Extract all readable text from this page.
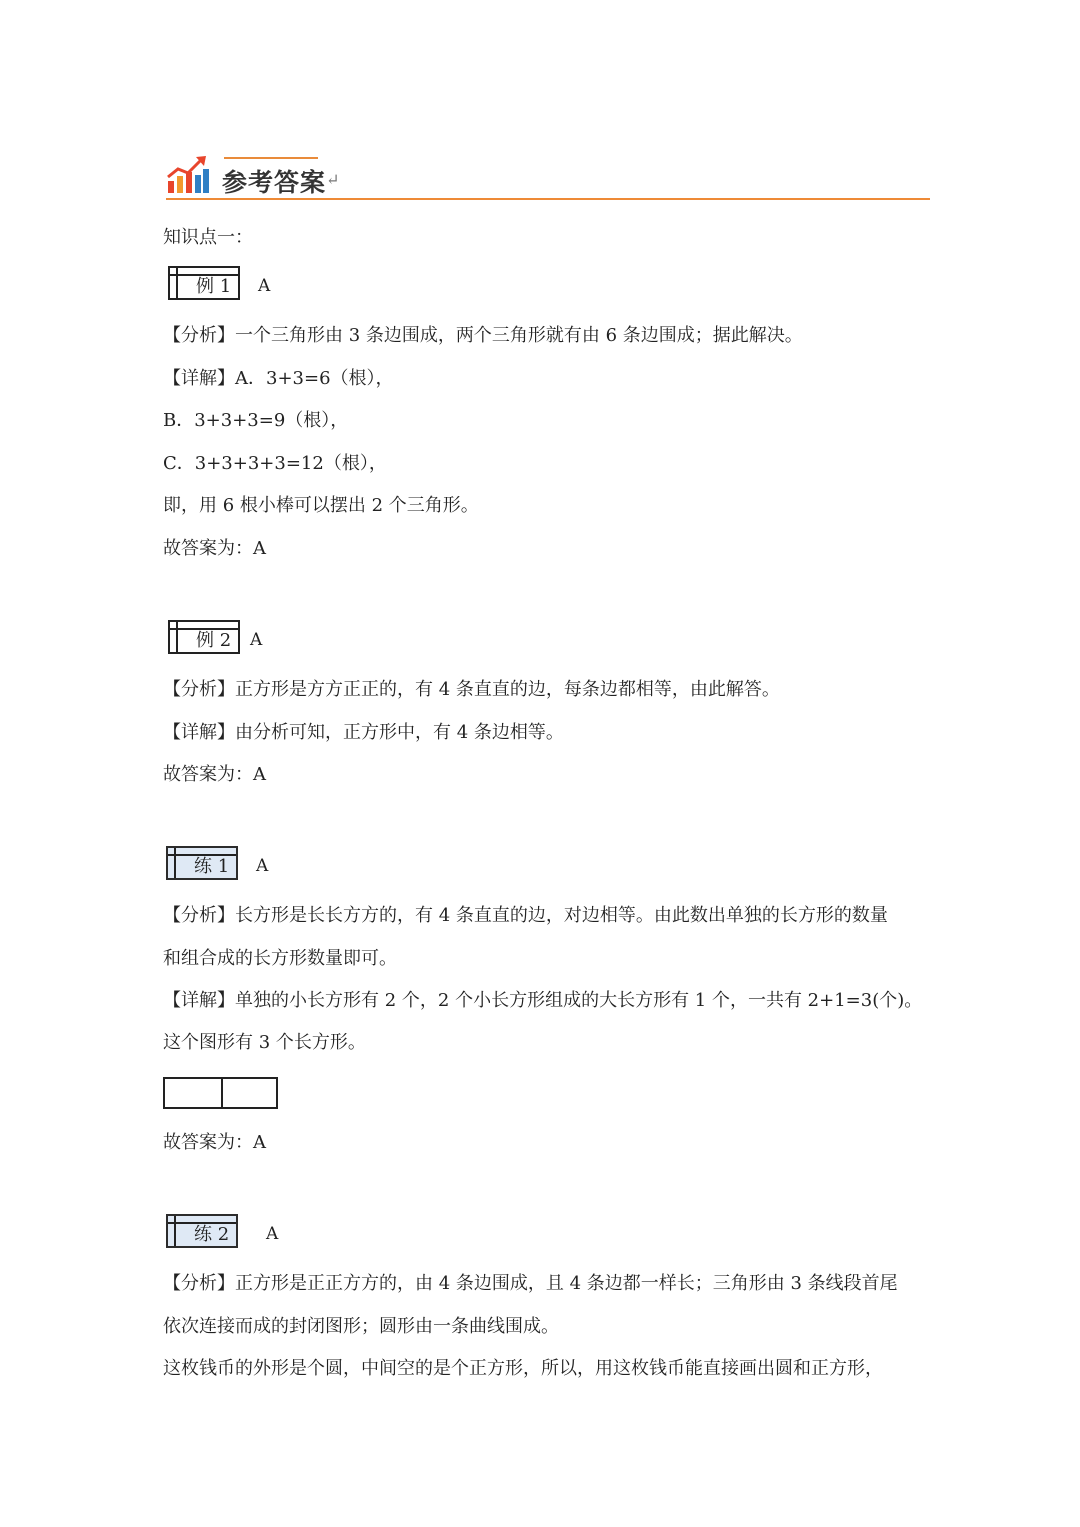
参考答案 ↵
知识点一：
例 1 A
【分析】一个三角形由 3 条边围成，两个三角形就有由 6 条边围成；据此解决。
【详解】A．3+3=6（根），
B．3+3+3=9（根），
C．3+3+3+3=12（根），
即，用 6 根小棒可以摆出 2 个三角形。
故答案为：A
例 2 A
【分析】正方形是方方正正的，有 4 条直直的边，每条边都相等，由此解答。
【详解】由分析可知，正方形中，有 4 条边相等。
故答案为：A
练 1 A
【分析】长方形是长长方方的，有 4 条直直的边，对边相等。由此数出单独的长方形的数量
和组合成的长方形数量即可。
【详解】单独的小长方形有 2 个，2 个小长方形组成的大长方形有 1 个，一共有 2+1=3(个)。
这个图形有 3 个长方形。
故答案为：A
练 2 A
【分析】正方形是正正方方的，由 4 条边围成，且 4 条边都一样长；三角形由 3 条线段首尾
依次连接而成的封闭图形；圆形由一条曲线围成。
这枚钱币的外形是个圆，中间空的是个正方形，所以，用这枚钱币能直接画出圆和正方形，
